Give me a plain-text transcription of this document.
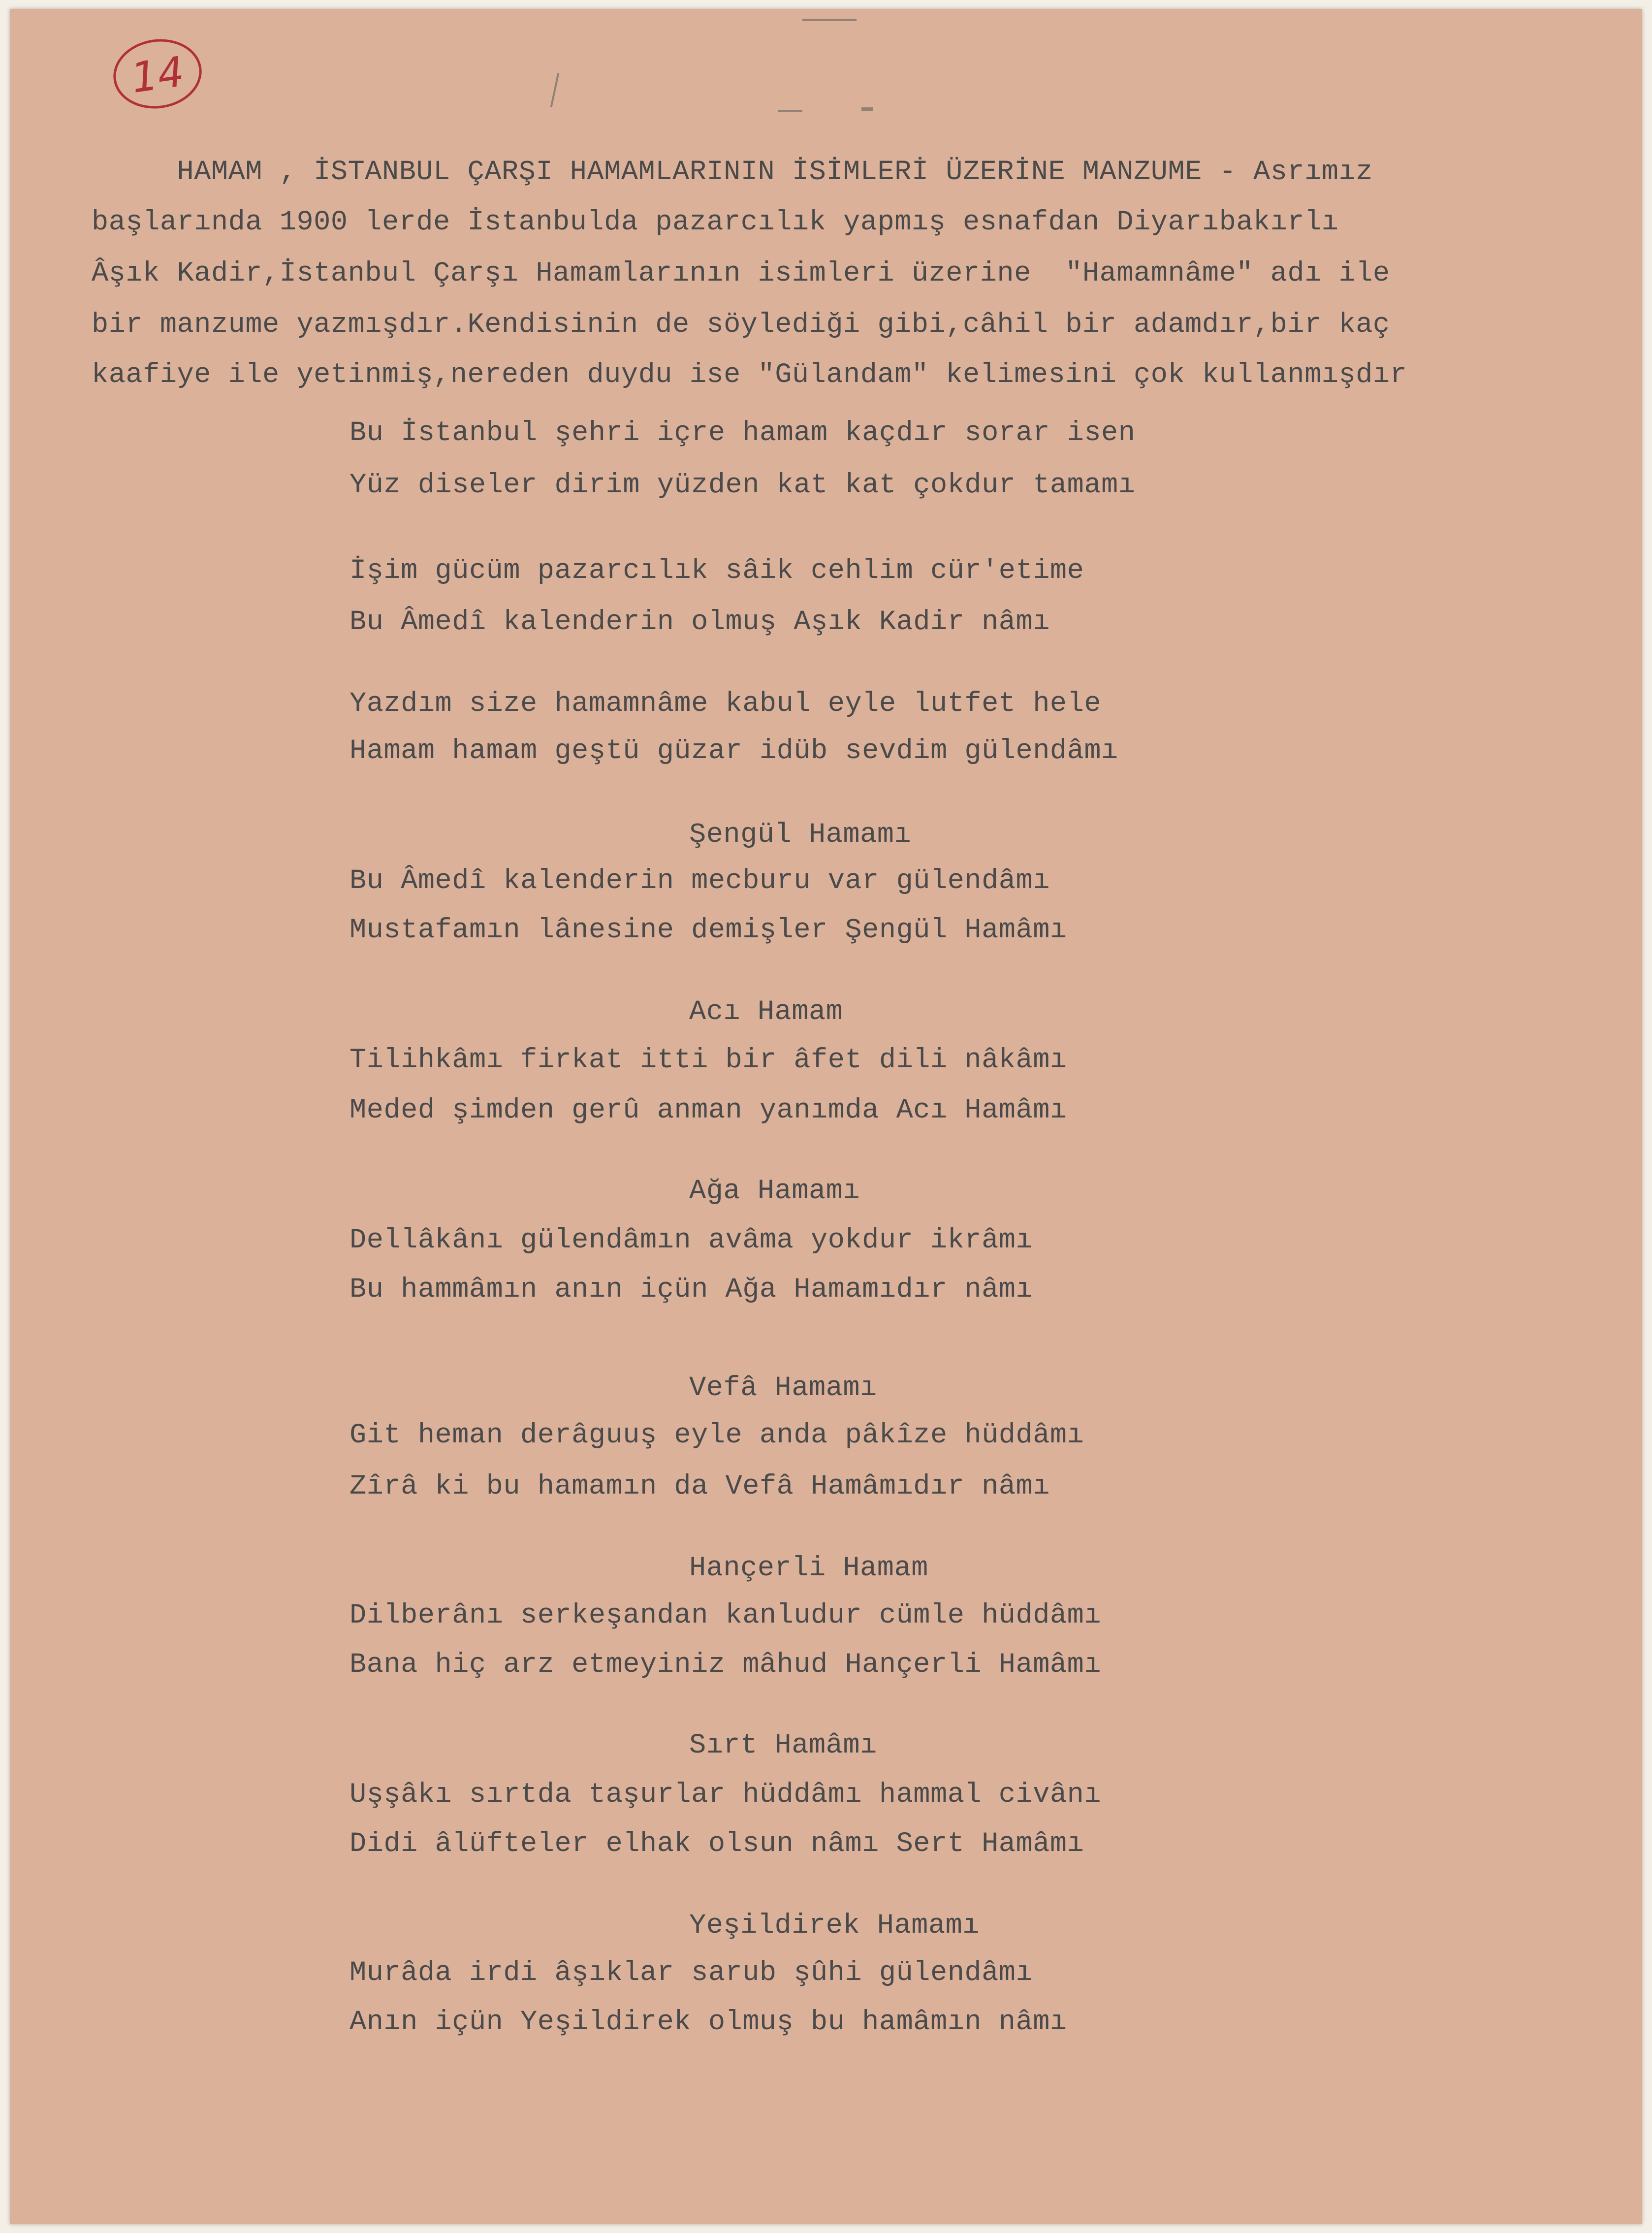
14
HAMAM , İSTANBUL ÇARŞI HAMAMLARININ İSİMLERİ ÜZERİNE MANZUME - Asrımız
başlarında 1900 lerde İstanbulda pazarcılık yapmış esnafdan Diyarıbakırlı
Âşık Kadir,İstanbul Çarşı Hamamlarının isimleri üzerine  "Hamamnâme" adı ile
bir manzume yazmışdır.Kendisinin de söylediği gibi,câhil bir adamdır,bir kaç
kaafiye ile yetinmiş,nereden duydu ise "Gülandam" kelimesini çok kullanmışdır
Bu İstanbul şehri içre hamam kaçdır sorar isen
Yüz diseler dirim yüzden kat kat çokdur tamamı
İşim gücüm pazarcılık sâik cehlim cür'etime
Bu Âmedî kalenderin olmuş Aşık Kadir nâmı
Yazdım size hamamnâme kabul eyle lutfet hele
Hamam hamam geştü güzar idüb sevdim gülendâmı
Şengül Hamamı
Bu Âmedî kalenderin mecburu var gülendâmı
Mustafamın lânesine demişler Şengül Hamâmı
Acı Hamam
Tilihkâmı firkat itti bir âfet dili nâkâmı
Meded şimden gerû anman yanımda Acı Hamâmı
Ağa Hamamı
Dellâkânı gülendâmın avâma yokdur ikrâmı
Bu hammâmın anın içün Ağa Hamamıdır nâmı
Vefâ Hamamı
Git heman derâguuş eyle anda pâkîze hüddâmı
Zîrâ ki bu hamamın da Vefâ Hamâmıdır nâmı
Hançerli Hamam
Dilberânı serkeşandan kanludur cümle hüddâmı
Bana hiç arz etmeyiniz mâhud Hançerli Hamâmı
Sırt Hamâmı
Uşşâkı sırtda taşurlar hüddâmı hammal civânı
Didi âlüfteler elhak olsun nâmı Sert Hamâmı
Yeşildirek Hamamı
Murâda irdi âşıklar sarub şûhi gülendâmı
Anın içün Yeşildirek olmuş bu hamâmın nâmı
